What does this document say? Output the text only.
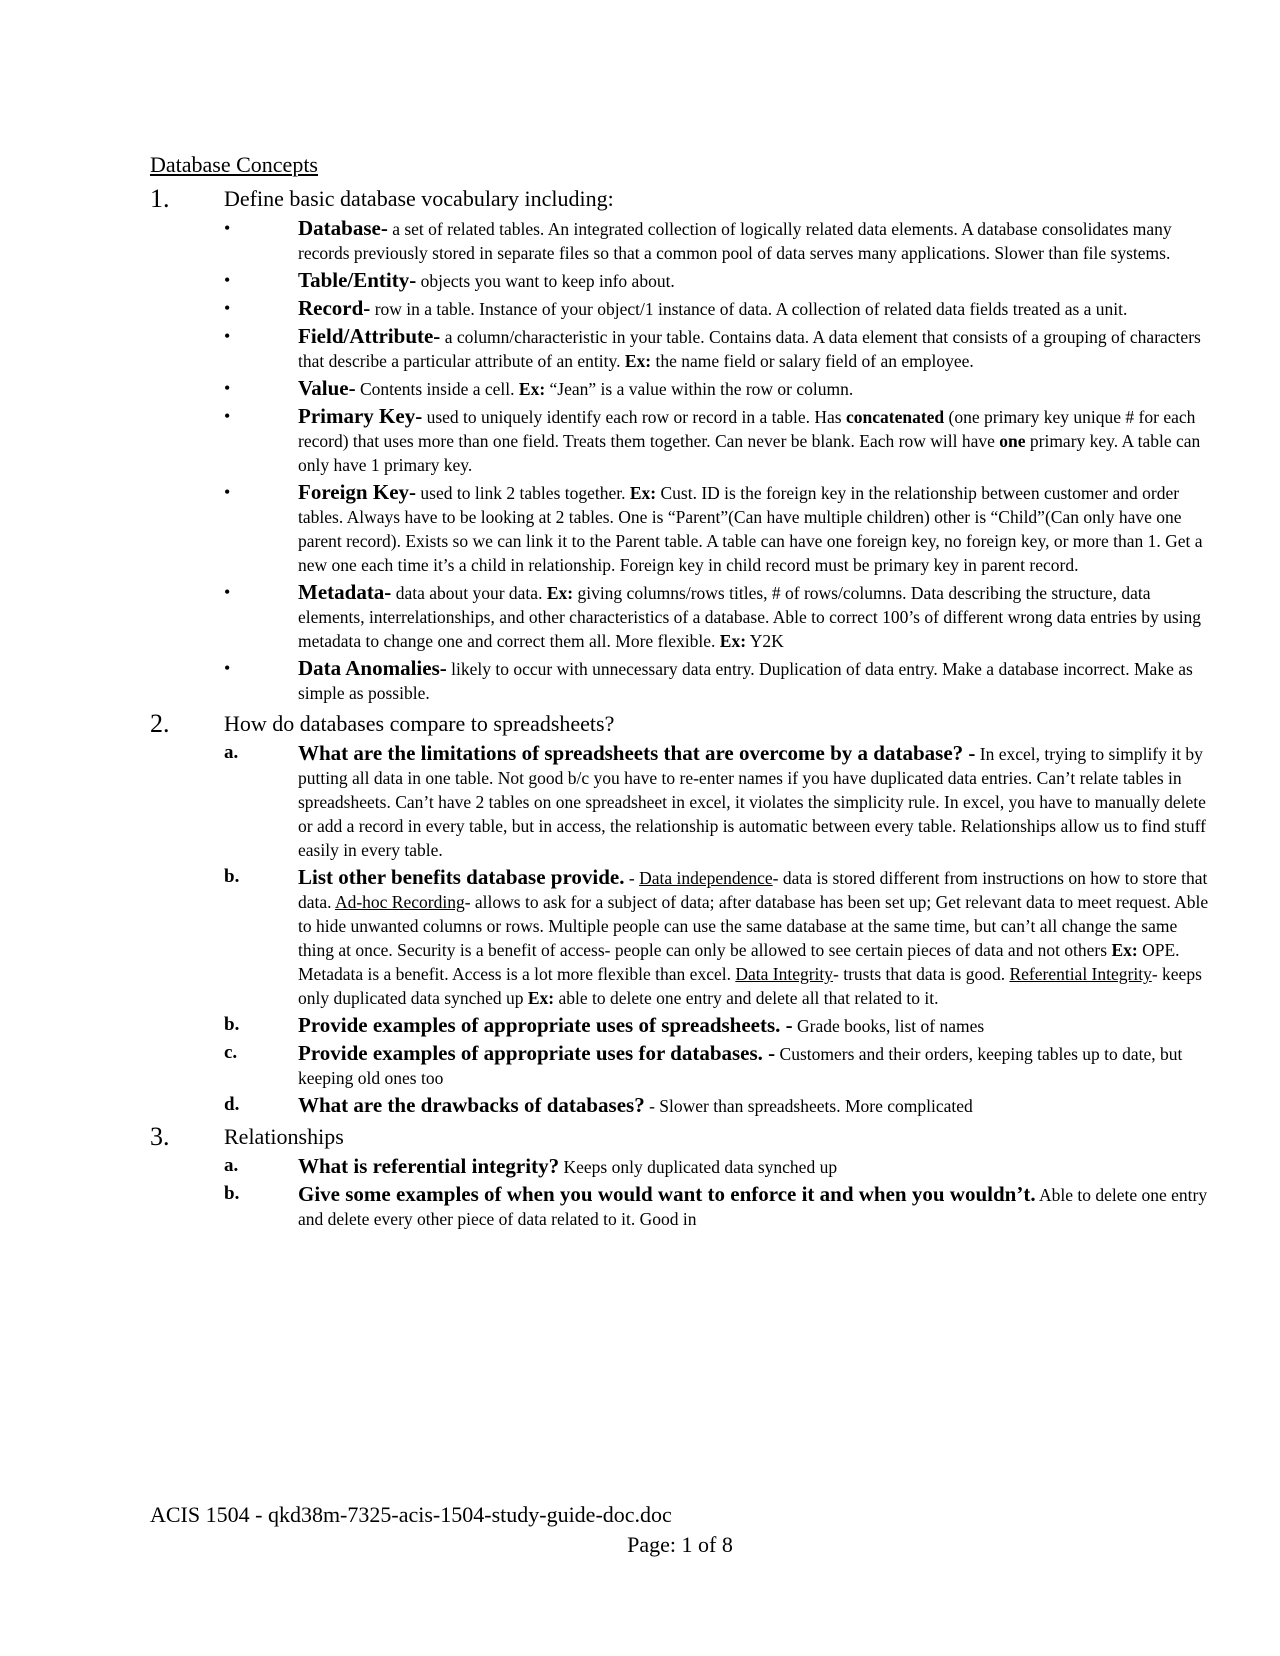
Database Concepts
1. Define basic database vocabulary including:
•	Database- a set of related tables. An integrated collection of logically related data elements. A database consolidates many records previously stored in separate files so that a common pool of data serves many applications. Slower than file systems.
•	Table/Entity- objects you want to keep info about.
•	Record- row in a table. Instance of your object/1 instance of data. A collection of related data fields treated as a unit.
•	Field/Attribute- a column/characteristic in your table. Contains data. A data element that consists of a grouping of characters that describe a particular attribute of an entity. Ex: the name field or salary field of an employee.
•	Value- Contents inside a cell. Ex: “Jean” is a value within the row or column.
•	Primary Key- used to uniquely identify each row or record in a table. Has concatenated (one primary key unique # for each record) that uses more than one field. Treats them together. Can never be blank. Each row will have one primary key. A table can only have 1 primary key.
•	Foreign Key- used to link 2 tables together. Ex: Cust. ID is the foreign key in the relationship between customer and order tables. Always have to be looking at 2 tables. One is “Parent”(Can have multiple children) other is “Child”(Can only have one parent record). Exists so we can link it to the Parent table. A table can have one foreign key, no foreign key, or more than 1. Get a new one each time it’s a child in relationship. Foreign key in child record must be primary key in parent record.
•	Metadata- data about your data. Ex: giving columns/rows titles, # of rows/columns. Data describing the structure, data elements, interrelationships, and other characteristics of a database. Able to correct 100’s of different wrong data entries by using metadata to change one and correct them all. More flexible. Ex: Y2K
•	Data Anomalies- likely to occur with unnecessary data entry. Duplication of data entry. Make a database incorrect. Make as simple as possible.
2. How do databases compare to spreadsheets?
a.	What are the limitations of spreadsheets that are overcome by a database? - In excel, trying to simplify it by putting all data in one table. Not good b/c you have to re-enter names if you have duplicated data entries. Can’t relate tables in spreadsheets. Can’t have 2 tables on one spreadsheet in excel, it violates the simplicity rule. In excel, you have to manually delete or add a record in every table, but in access, the relationship is automatic between every table. Relationships allow us to find stuff easily in every table.
b.	List other benefits database provide. - Data independence- data is stored different from instructions on how to store that data. Ad-hoc Recording- allows to ask for a subject of data; after database has been set up; Get relevant data to meet request. Able to hide unwanted columns or rows. Multiple people can use the same database at the same time, but can’t all change the same thing at once. Security is a benefit of access- people can only be allowed to see certain pieces of data and not others Ex: OPE. Metadata is a benefit. Access is a lot more flexible than excel. Data Integrity- trusts that data is good. Referential Integrity- keeps only duplicated data synched up Ex: able to delete one entry and delete all that related to it.
b.	Provide examples of appropriate uses of spreadsheets. - Grade books, list of names
c.	Provide examples of appropriate uses for databases. - Customers and their orders, keeping tables up to date, but keeping old ones too
d.	What are the drawbacks of databases? - Slower than spreadsheets. More complicated
3. Relationships
a.	What is referential integrity? Keeps only duplicated data synched up
b.	Give some examples of when you would want to enforce it and when you wouldn’t. Able to delete one entry and delete every other piece of data related to it. Good in
ACIS 1504 - qkd38m-7325-acis-1504-study-guide-doc.doc
Page: 1 of 8
